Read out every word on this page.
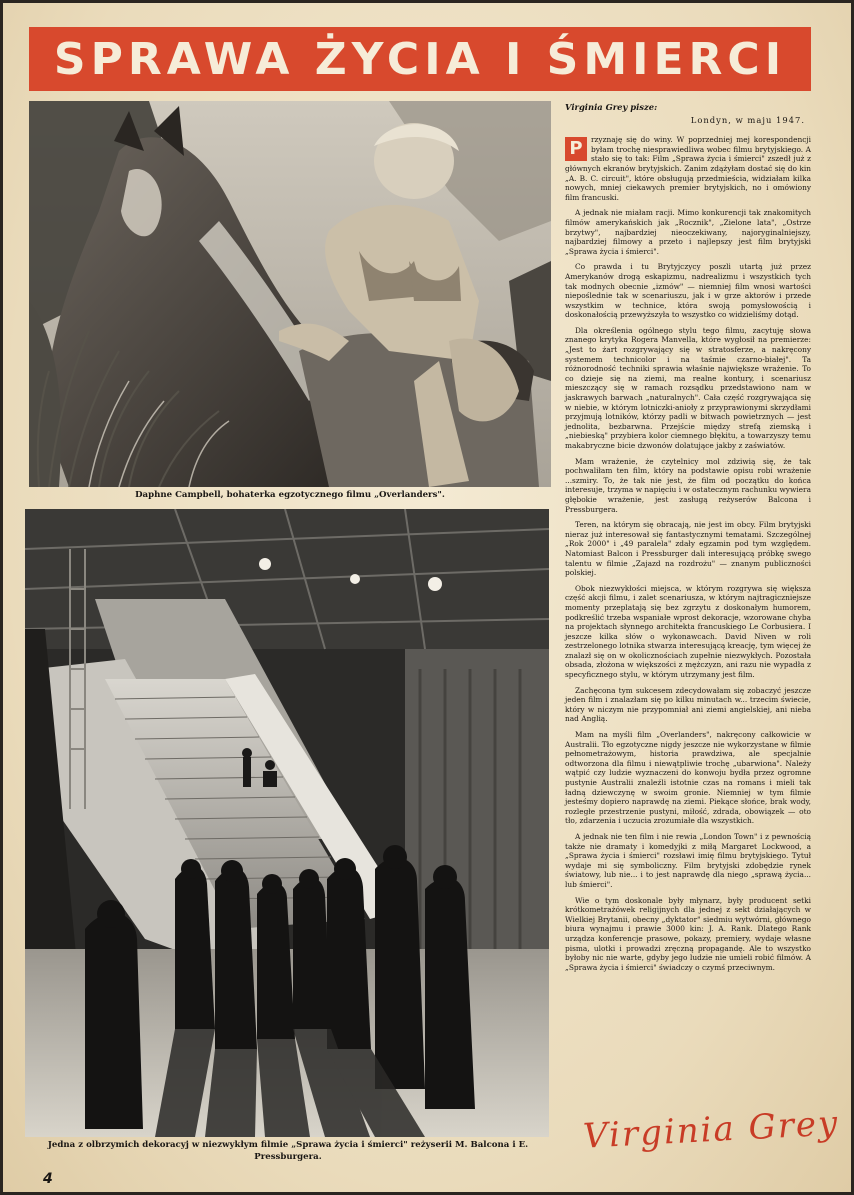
SPRAWA ŻYCIA I ŚMIERCI
Daphne Campbell, bohaterka egzotycznego filmu „Overlanders".
Jedna z olbrzymich dekoracyj w niezwykłym filmie „Sprawa życia i śmierci" reżyserii M. Balcona i E. Pressburgera.
Virginia Grey pisze:
Londyn, w maju 1947.

P	rzyznaję się do winy. W poprzedniej mej korespondencji byłam trochę niesprawiedliwa wobec filmu brytyjskiego. A stało się to tak: Film „Sprawa życia i śmierci" zszedł już z głównych ekranów brytyjskich. Zanim zdążyłam dostać się do kin „A. B. C. circuit", które obsługują przedmieścia, widziałam kilka nowych, mniej ciekawych premier brytyjskich, no i omówiony film francuski.

A jednak nie miałam racji. Mimo konkurencji tak znakomitych filmów amerykańskich jak „Rocznik", „Zielone lata", „Ostrze brzytwy", najbardziej nieoczekiwany, najoryginalniejszy, najbardziej filmowy a przeto i najlepszy jest film brytyjski „Sprawa życia i śmierci".

Co prawda i tu Brytyjczycy poszli utartą już przez Amerykanów drogą eskapizmu, nadrealizmu i wszystkich tych tak modnych obecnie „izmów" — niemniej film wnosi wartości niepoślednie tak w scenariuszu, jak i w grze aktorów i przede wszystkim w technice, która swoją pomysłowością i doskonałością przewyższyła to wszystko co widzieliśmy dotąd.

Dla określenia ogólnego stylu tego filmu, zacytuję słowa znanego krytyka Rogera Manvella, które wygłosił na premierze: „Jest to żart rozgrywający się w stratosferze, a nakręcony systemem technicolor i na taśmie czarno-białej". Ta różnorodność techniki sprawia właśnie największe wrażenie. To co dzieje się na ziemi, ma realne kontury, i scenariusz mieszczący się w ramach rozsądku przedstawiono nam w jaskrawych barwach „naturalnych". Cała część rozgrywająca się w niebie, w którym lotniczki-anioły z przyprawionymi skrzydłami przyjmują lotników, którzy padli w bitwach powietrznych — jest jednolita, bezbarwna. Przejście między strefą ziemską i „niebieską" przybiera kolor ciemnego błękitu, a towarzyszy temu makabryczne bicie dzwonów dolatujące jakby z zaświatów.

Mam wrażenie, że czytelnicy mol zdziwią się, że tak pochwaliłam ten film, który na podstawie opisu robi wrażenie ...szmiry. To, że tak nie jest, że film od początku do końca interesuje, trzyma w napięciu i w ostatecznym rachunku wywiera głębokie wrażenie, jest zasługą reżyserów Balcona i Pressburgera.

Teren, na którym się obracają, nie jest im obcy. Film brytyjski nieraz już interesował się fantastycznymi tematami. Szczególnej „Rok 2000" i „49 paralela" zdały egzamin pod tym względem. Natomiast Balcon i Pressburger dali interesującą próbkę swego talentu w filmie „Zajazd na rozdrożu" — znanym publiczności polskiej.

Obok niezwykłości miejsca, w którym rozgrywa się większa część akcji filmu, i zalet scenariusza, w którym najtragiczniejsze momenty przeplatają się bez zgrzytu z doskonałym humorem, podkreślić trzeba wspaniałe wprost dekoracje, wzorowane chyba na projektach słynnego architekta francuskiego Le Corbusiera. I jeszcze kilka słów o wykonawcach. David Niven w roli zestrzelonego lotnika stwarza interesującą kreację, tym więcej że znalazł się on w okolicznościach zupełnie niezwykłych. Pozostała obsada, złożona w większości z mężczyzn, ani razu nie wypadła z specyficznego stylu, w którym utrzymany jest film.

Zachęcona tym sukcesem zdecydowałam się zobaczyć jeszcze jeden film i znalazłam się po kilku minutach w... trzecim świecie, który w niczym nie przypomniał ani ziemi angielskiej, ani nieba nad Anglią.

Mam na myśli film „Overlanders", nakręcony całkowicie w Australii. Tło egzotyczne nigdy jeszcze nie wykorzystane w filmie pełnometrażowym, historia prawdziwa, ale specjalnie odtworzona dla filmu i niewątpliwie trochę „ubarwiona". Należy wątpić czy ludzie wyznaczeni do konwoju bydła przez ogromne pustynie Australii znaleźli istotnie czas na romans i mieli tak ładną dziewczynę w swoim gronie. Niemniej w tym filmie jesteśmy dopiero naprawdę na ziemi. Piekące słońce, brak wody, rozległe przestrzenie pustyni, miłość, zdrada, obowiązek — oto tło, zdarzenia i uczucia zrozumiałe dla wszystkich.

A jednak nie ten film i nie rewia „London Town" i z pewnością także nie dramaty i komedyjki z miłą Margaret Lockwood, a „Sprawa życia i śmierci" rozsławi imię filmu brytyjskiego. Tytuł wydaje mi się symboliczny. Film brytyjski zdobędzie rynek światowy, lub nie... i to jest naprawdę dla niego „sprawą życia... lub śmierci".

Wie o tym doskonale były młynarz, były producent setki krótkometrażówek religijnych dla jednej z sekt działających w Wielkiej Brytanii, obecny „dyktator" siedmiu wytwórni, głównego biura wynajmu i prawie 3000 kin: J. A. Rank. Dlatego Rank urządza konferencje prasowe, pokazy, premiery, wydaje własne pisma, ulotki i prowadzi zręczną propagandę. Ale to wszystko byłoby nic nie warte, gdyby jego ludzie nie umieli robić filmów. A „Sprawa życia i śmierci" świadczy o czymś przeciwnym.

Virginia Grey
4
